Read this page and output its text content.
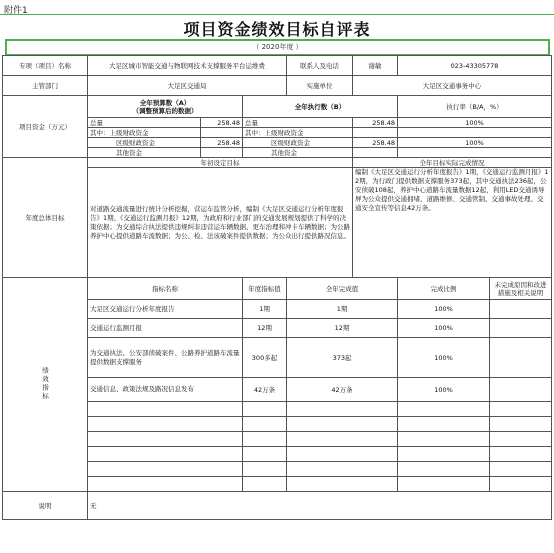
附件1
项目资金绩效目标自评表
（ 2020年度 ）
专项（项目）名称	大足区城市智能交通与物联网技术支撑服务平台运维费			联系人及电话	谢敏	023-43305778	
主管部门	大足区交通局			实施单位	大足区交通事务中心		
项目资金（万元）	全年预算数（A）
（调整预算后的数据）		全年执行数（B）			执行率（B/A，%）	
	总量	258.48	总量		258.48	100%	
	其中：上级财政资金		其中：上级财政资金				
	区级财政资金	258.48	区级财政资金		258.48	100%	
	其他资金		其他资金				
年度总体目标	年初设定目标				全年目标实际完成情况		
	对道路交通流量进行统计分析挖掘，营运车监管分析，编制《大足区交通运行分析年度报告》1期、《交通运行监测月报》12期，为政府和行业部门的交通发展规划提供了科学的决策依据；为交通综合执法提供违规纠非违营运车辆数据、更车治理和冲卡车辆数据；为公路养护中心提供道路车流数据；为公、检、法该破案件提供数据；为公众出行提供路况信息。				编制《大足区交通运行分析年度报告》1期，《交通运行监测月报》12期，为行政门提供数据支撑服务373起，其中交通执法236起，公安侦破108起，养护中心道路车流量数据12起，利用LED交通诱导屏为公众提供交通拥堵、道路维修、交通管制、交通事故处理、交通安全宣传等信息42万条。		
绩效指标	指标名称		年度指标值	全年完成值		完成比例	未完成原因和改进措施及相关说明
	大足区交通运行分析年度报告		1期	1期		100%	
	交通运行监测月报		12期	12期		100%	
	为交通执法、公安部侦破案件、公路养护道路车流量提供数据支撑服务		300多起	373起		100%	
	交通信息、政策法规及路况信息发布		42万条	42万条		100%	

说明	无						
